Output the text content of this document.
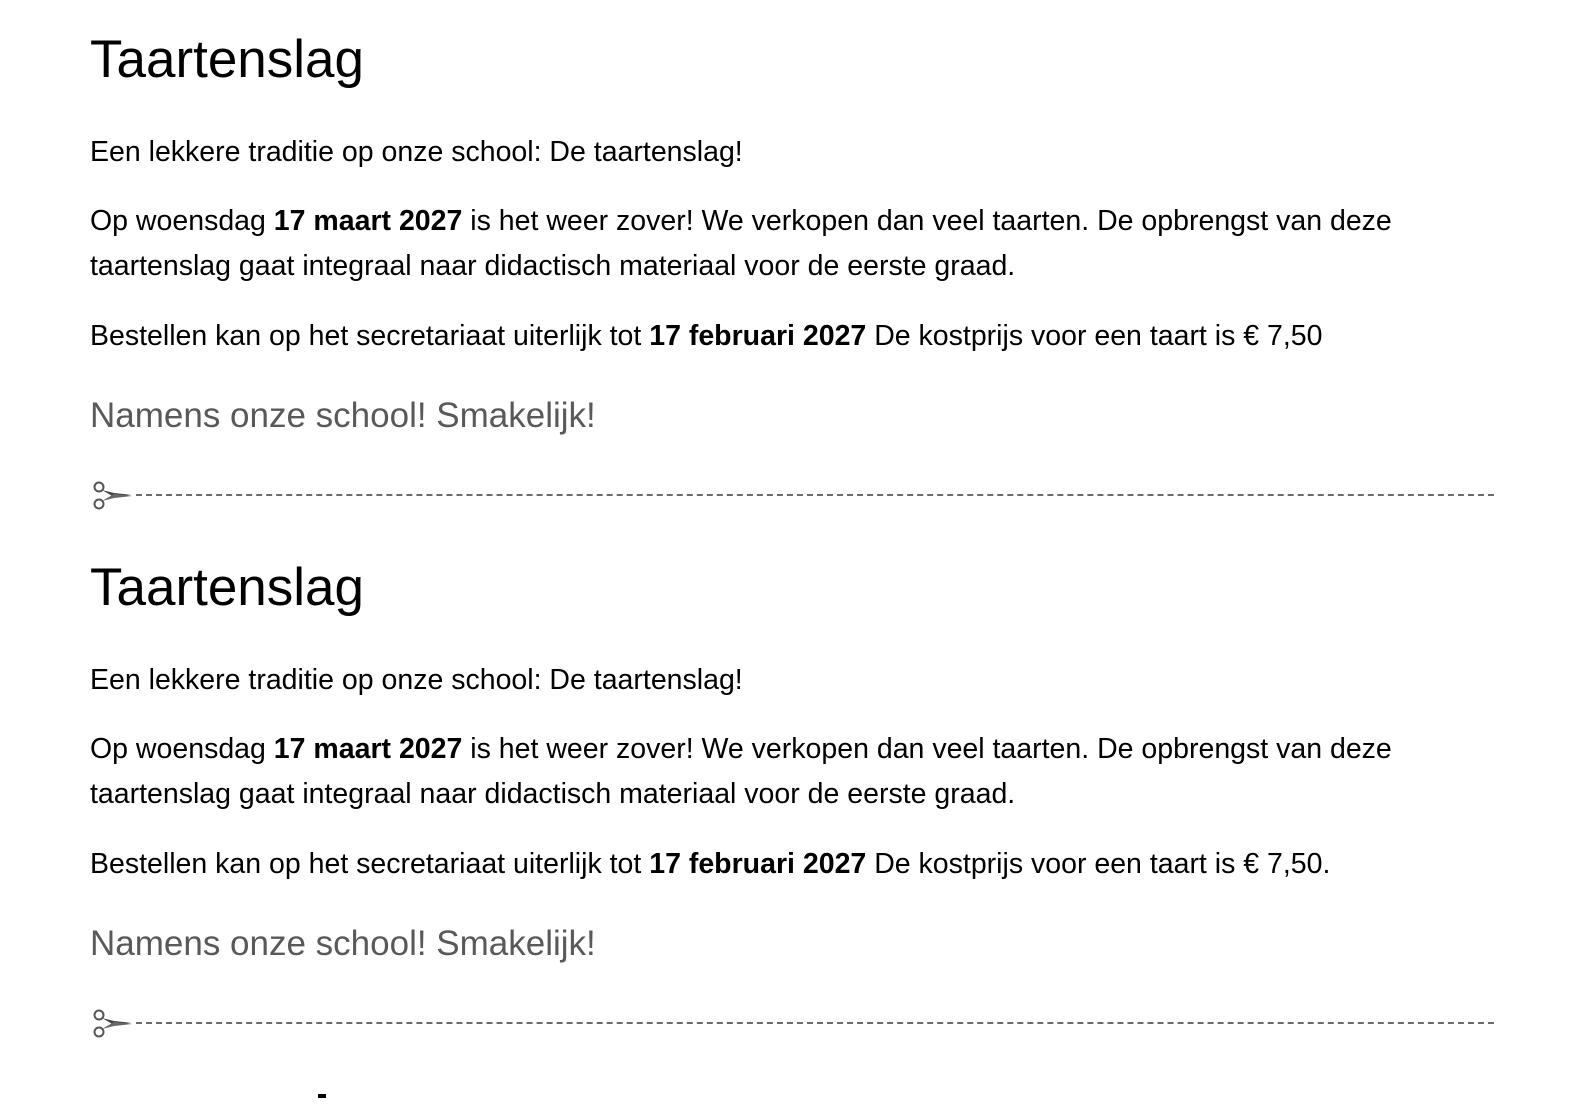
Taartenslag

Een lekkere traditie op onze school: De taartenslag!

Op woensdag 17 maart 2027 is het weer zover! We verkopen dan veel taarten. De opbrengst van deze taartenslag gaat integraal naar didactisch materiaal voor de eerste graad.

Bestellen kan op het secretariaat uiterlijk tot 17 februari 2027 De kostprijs voor een taart is € 7,50

Namens onze school! Smakelijk!

Taartenslag

Een lekkere traditie op onze school: De taartenslag!

Op woensdag 17 maart 2027 is het weer zover! We verkopen dan veel taarten. De opbrengst van deze taartenslag gaat integraal naar didactisch materiaal voor de eerste graad.

Bestellen kan op het secretariaat uiterlijk tot 17 februari 2027 De kostprijs voor een taart is € 7,50.

Namens onze school! Smakelijk!
